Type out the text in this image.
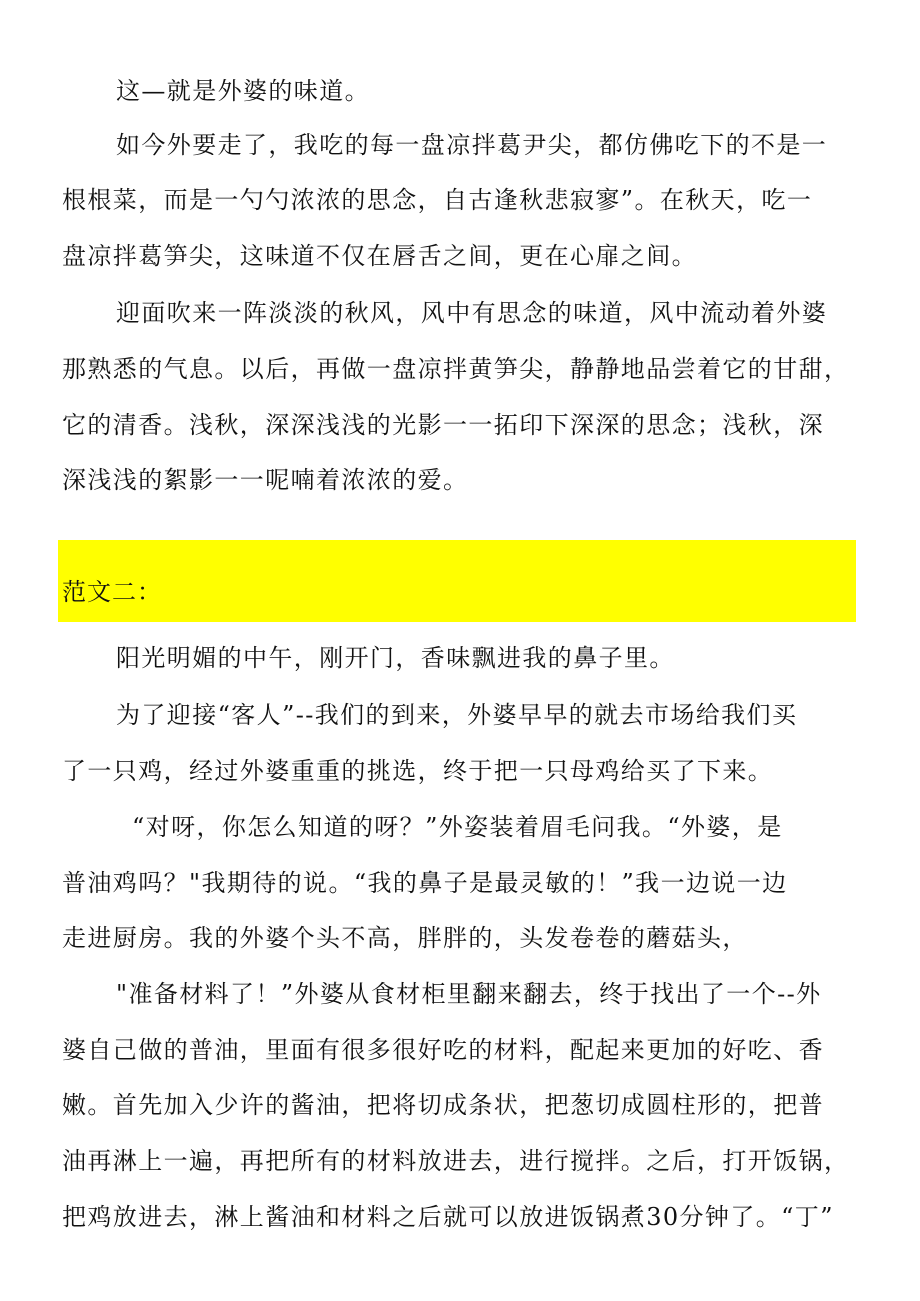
这—就是外婆的味道。
如今外要走了，我吃的每一盘凉拌葛尹尖，都仿佛吃下的不是一
根根菜，而是一勺勺浓浓的思念，自古逢秋悲寂寥”。在秋天，吃一
盘凉拌葛笋尖，这味道不仅在唇舌之间，更在心扉之间。
迎面吹来一阵淡淡的秋风，风中有思念的味道，风中流动着外婆
那熟悉的气息。以后，再做一盘凉拌黄笋尖，静静地品尝着它的甘甜，
它的清香。浅秋，深深浅浅的光影一一拓印下深深的思念；浅秋，深
深浅浅的絮影一一呢喃着浓浓的爱。
范文二：
阳光明媚的中午，刚开门，香味飘进我的鼻子里。
为了迎接“客人”--我们的到来，外婆早早的就去市场给我们买
了一只鸡，经过外婆重重的挑选，终于把一只母鸡给买了下来。
“对呀，你怎么知道的呀？”外姿装着眉毛问我。“外婆，是
普油鸡吗？"我期待的说。“我的鼻子是最灵敏的！”我一边说一边
走进厨房。我的外婆个头不高，胖胖的，头发卷卷的蘑菇头，
"准备材料了！”外婆从食材柜里翻来翻去，终于找出了一个--外
婆自己做的普油，里面有很多很好吃的材料，配起来更加的好吃、香
嫩。首先加入少许的酱油，把将切成条状，把葱切成圆柱形的，把普
油再淋上一遍，再把所有的材料放进去，进行搅拌。之后，打开饭锅，
把鸡放进去，淋上酱油和材料之后就可以放进饭锅煮30分钟了。“丁”
